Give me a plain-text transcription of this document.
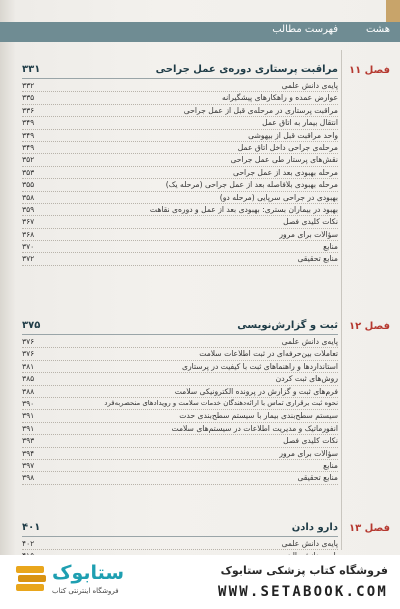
هشت
فهرست مطالب
فصل ۱۱
مراقبت پرستاری دوره‌ی عمل جراحی
۳۳۱
پایه‌ی دانش علمی
۳۳۲
عوارض عمده و راهکارهای پیشگیرانه
۳۳۵
مراقبت پرستاری در مرحله‌ی قبل از عمل جراحی
۳۳۶
انتقال بیمار به اتاق عمل
۳۴۹
واحد مراقبت قبل از بیهوشی
۳۴۹
مرحله‌ی جراحی داخل اتاق عمل
۳۴۹
نقش‌های پرستار طی عمل جراحی
۳۵۲
مرحله بهبودی بعد از عمل جراحی
۳۵۳
مرحله بهبودی بلافاصله بعد از عمل جراحی (مرحله یک)
۳۵۵
بهبودی در جراحی سرپایی (مرحله دو)
۳۵۸
بهبود در بیماران بستری: بهبودی بعد از عمل و دوره‌ی نقاهت
۳۵۹
نکات کلیدی فصل
۳۶۷
سؤالات برای مرور
۳۶۸
منابع
۳۷۰
منابع تحقیقی
۳۷۲
فصل ۱۲
ثبت و گزارش‌نویسی
۳۷۵
پایه‌ی دانش علمی
۳۷۶
تعاملات بین‌حرفه‌ای در ثبت اطلاعات سلامت
۳۷۶
استانداردها و راهنماهای ثبت با کیفیت در پرستاری
۳۸۱
روش‌های ثبت کردن
۳۸۵
فرم‌های ثبت و گزارش در پرونده الکترونیکی سلامت
۳۸۸
نحوه ثبت برقراری تماس با ارائه‌دهندگان خدمات سلامت و رویدادهای منحصربه‌فرد
۳۹۰
سیستم سطح‌بندی بیمار با سیستم سطح‌بندی حدت
۳۹۱
انفورماتیک و مدیریت اطلاعات در سیستم‌های سلامت
۳۹۱
نکات کلیدی فصل
۳۹۳
سؤالات برای مرور
۳۹۴
منابع
۳۹۷
منابع تحقیقی
۳۹۸
فصل ۱۳
دارو دادن
۴۰۱
پایه‌ی دانش علمی
۴۰۲
ستابوک
فروشگاه اینترنتی کتاب
فروشگاه کتاب پزشکی ستابوک
WWW.SETABOOK.COM
